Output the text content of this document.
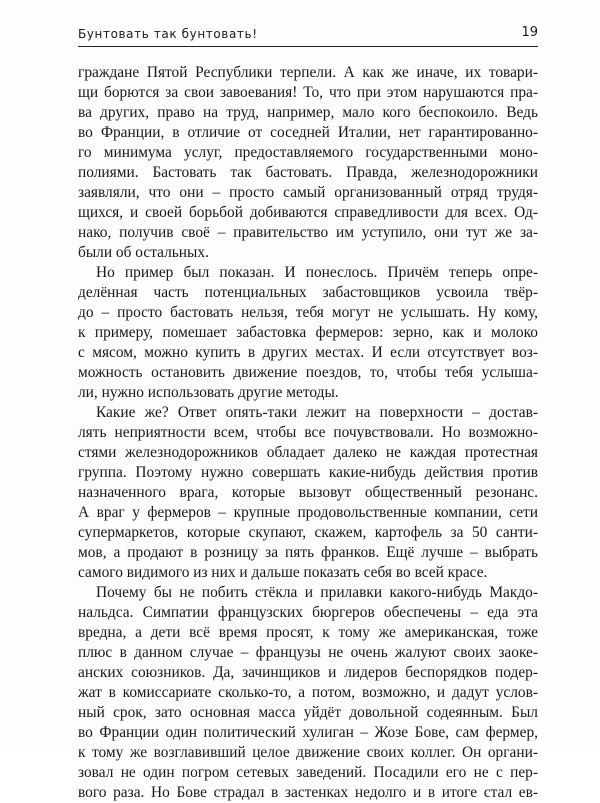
Бунтовать так бунтовать!	19
граждане Пятой Республики терпели. А как же иначе, их товари-
щи борются за свои завоевания! То, что при этом нарушаются пра-
ва других, право на труд, например, мало кого беспокоило. Ведь
во Франции, в отличие от соседней Италии, нет гарантированно-
го минимума услуг, предоставляемого государственными моно-
полиями. Бастовать так бастовать. Правда, железнодорожники
заявляли, что они – просто самый организованный отряд трудя-
щихся, и своей борьбой добиваются справедливости для всех. Од-
нако, получив своё – правительство им уступило, они тут же за-
были об остальных.
Но пример был показан. И понеслось. Причём теперь опре-
делённая часть потенциальных забастовщиков усвоила твёр-
до – просто бастовать нельзя, тебя могут не услышать. Ну кому,
к примеру, помешает забастовка фермеров: зерно, как и молоко
с мясом, можно купить в других местах. И если отсутствует воз-
можность остановить движение поездов, то, чтобы тебя услыша-
ли, нужно использовать другие методы.
Какие же? Ответ опять-таки лежит на поверхности – достав-
лять неприятности всем, чтобы все почувствовали. Но возможно-
стями железнодорожников обладает далеко не каждая протестная
группа. Поэтому нужно совершать какие-нибудь действия против
назначенного врага, которые вызовут общественный резонанс.
А враг у фермеров – крупные продовольственные компании, сети
супермаркетов, которые скупают, скажем, картофель за 50 санти-
мов, а продают в розницу за пять франков. Ещё лучше – выбрать
самого видимого из них и дальше показать себя во всей красе.
Почему бы не побить стёкла и прилавки какого-нибудь Макдо-
нальдса. Симпатии французских бюргеров обеспечены – еда эта
вредна, а дети всё время просят, к тому же американская, тоже
плюс в данном случае – французы не очень жалуют своих заоке-
анских союзников. Да, зачинщиков и лидеров беспорядков подер-
жат в комиссариате сколько-то, а потом, возможно, и дадут услов-
ный срок, зато основная масса уйдёт довольной содеянным. Был
во Франции один политический хулиган – Жозе Бове, сам фермер,
к тому же возглавивший целое движение своих коллег. Он органи-
зовал не один погром сетевых заведений. Посадили его не с пер-
вого раза. Но Бове страдал в застенках недолго и в итоге стал ев-
